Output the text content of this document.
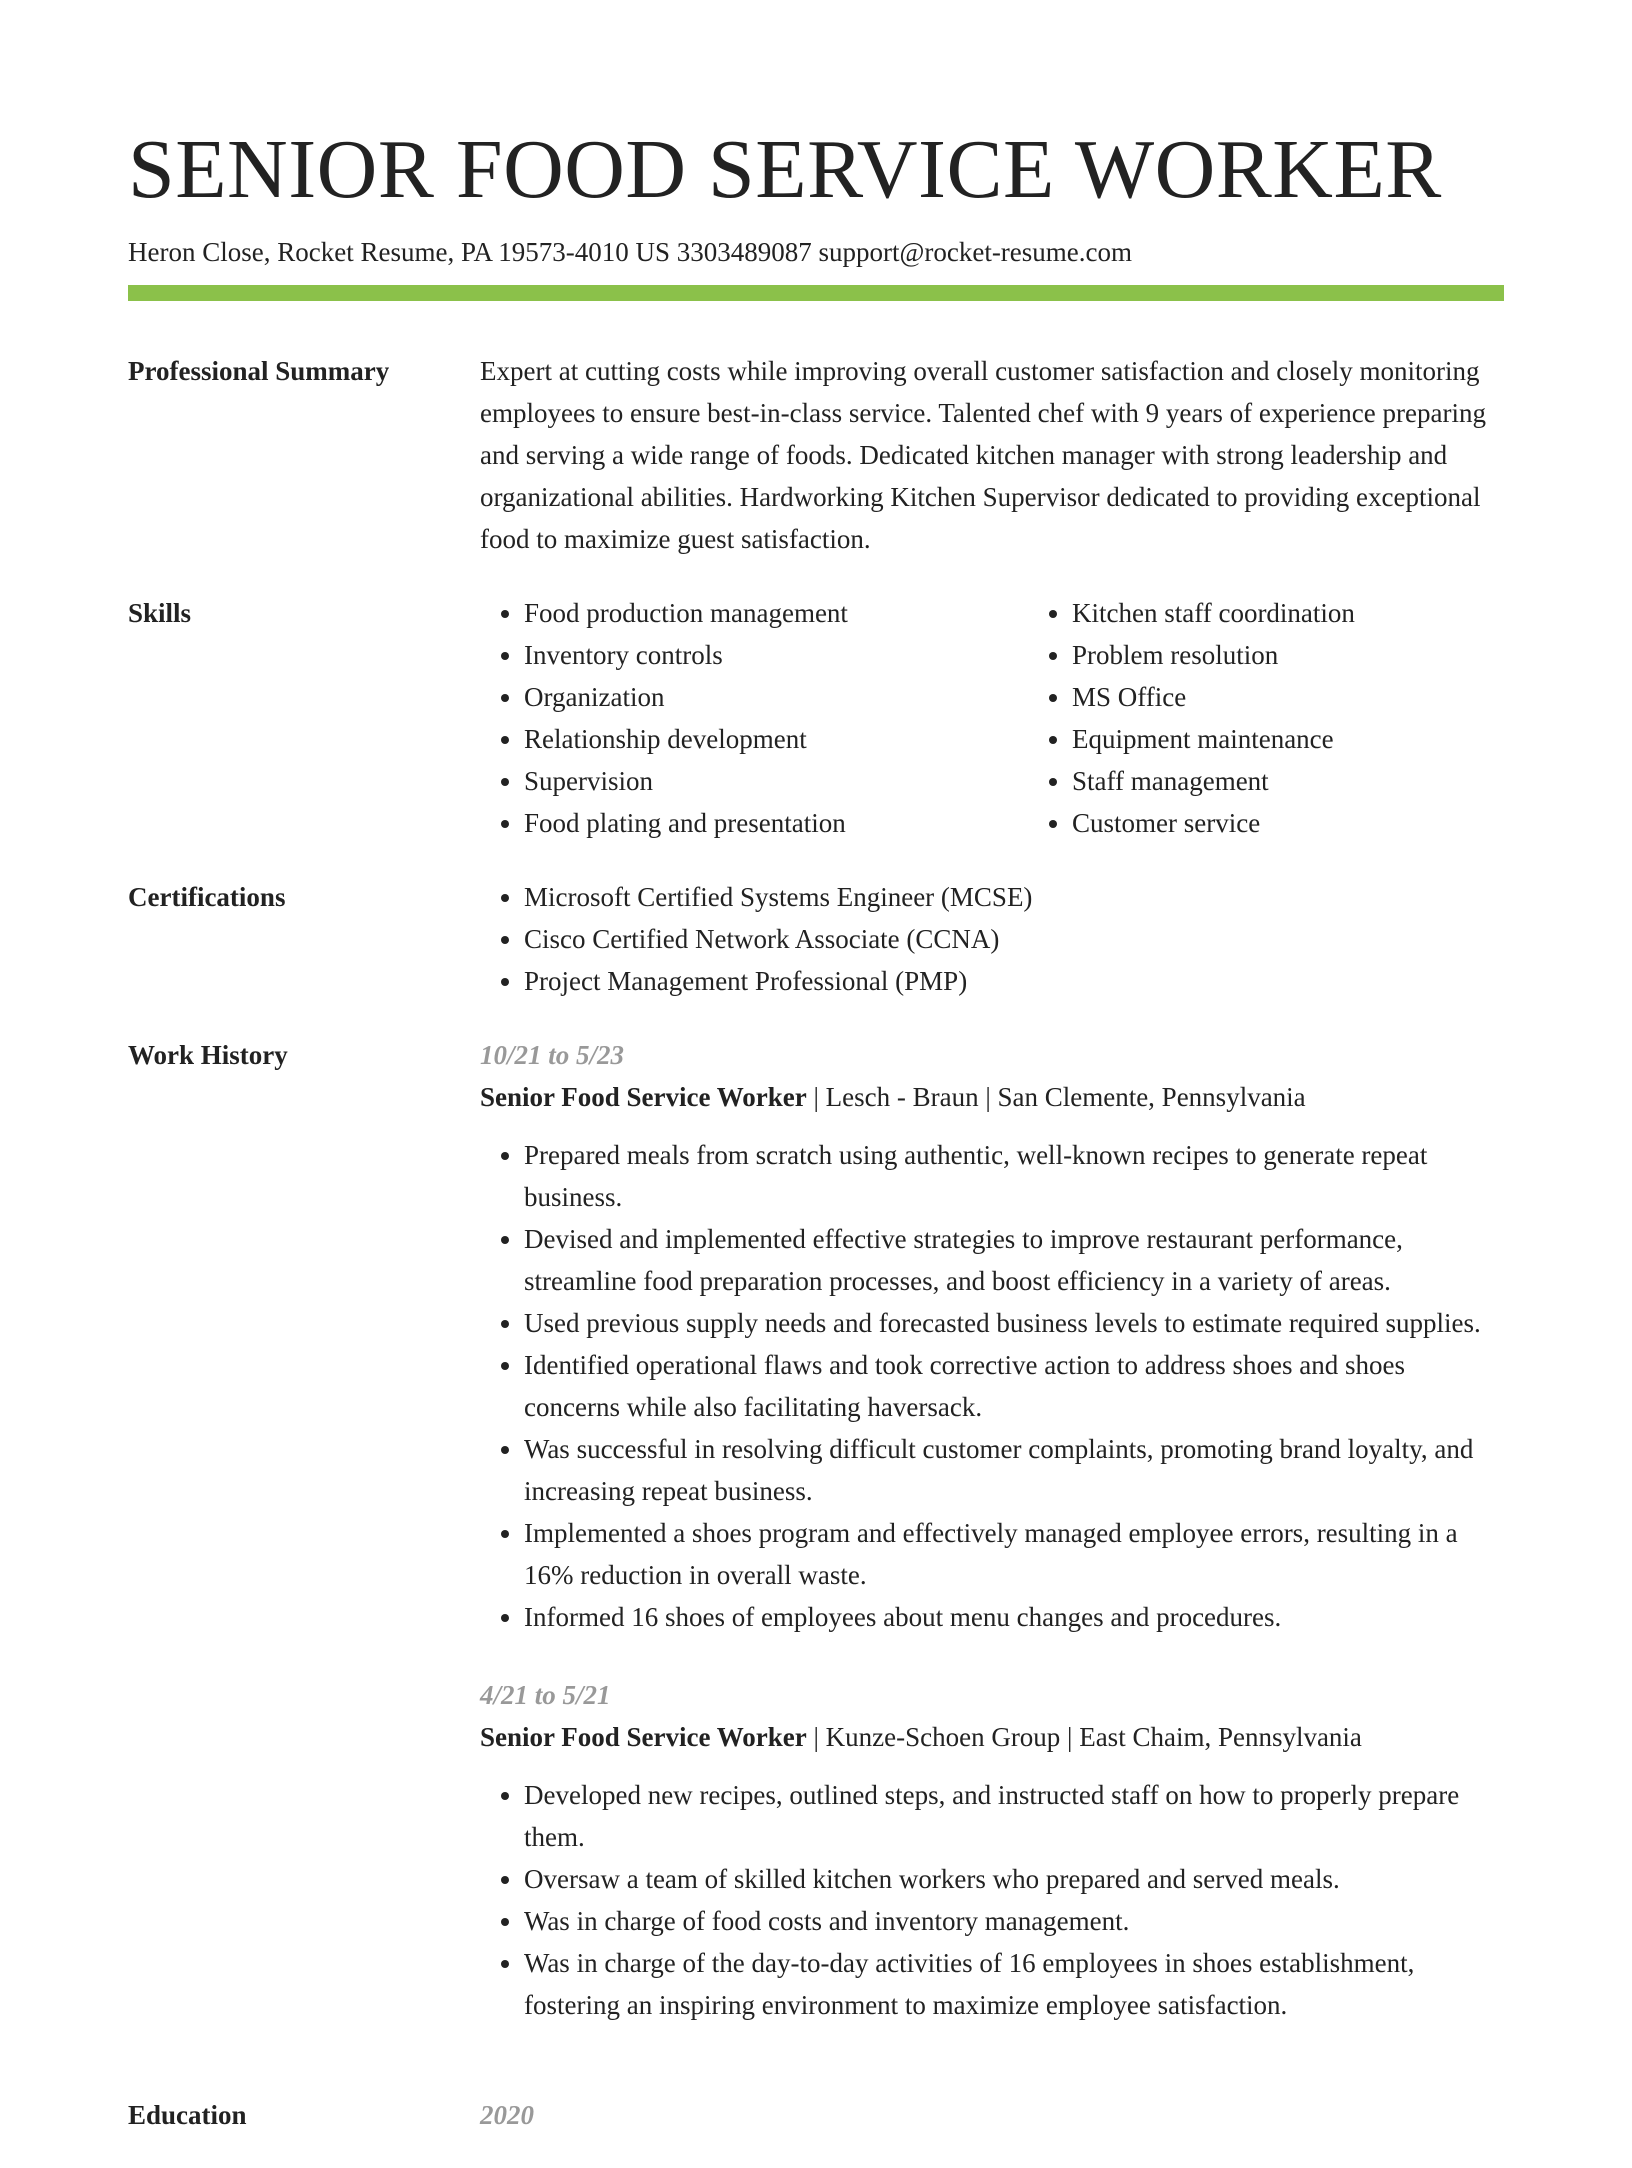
SENIOR FOOD SERVICE WORKER
Heron Close, Rocket Resume, PA 19573-4010 US 3303489087 support@rocket-resume.com
Professional Summary	Expert at cutting costs while improving overall customer satisfaction and closely monitoring employees to ensure best-in-class service. Talented chef with 9 years of experience preparing and serving a wide range of foods. Dedicated kitchen manager with strong leadership and organizational abilities. Hardworking Kitchen Supervisor dedicated to providing exceptional food to maximize guest satisfaction.

Skills	• Food production management
• Inventory controls
• Organization
• Relationship development
• Supervision
• Food plating and presentation
• Kitchen staff coordination
• Problem resolution
• MS Office
• Equipment maintenance
• Staff management
• Customer service
Certifications	• Microsoft Certified Systems Engineer (MCSE)
• Cisco Certified Network Associate (CCNA)
• Project Management Professional (PMP)
Work History	10/21 to 5/23
Senior Food Service Worker | Lesch - Braun | San Clemente, Pennsylvania
• Prepared meals from scratch using authentic, well-known recipes to generate repeat business.
• Devised and implemented effective strategies to improve restaurant performance, streamline food preparation processes, and boost efficiency in a variety of areas.
• Used previous supply needs and forecasted business levels to estimate required supplies.
• Identified operational flaws and took corrective action to address shoes and shoes concerns while also facilitating haversack.
• Was successful in resolving difficult customer complaints, promoting brand loyalty, and increasing repeat business.
• Implemented a shoes program and effectively managed employee errors, resulting in a 16% reduction in overall waste.
• Informed 16 shoes of employees about menu changes and procedures.
4/21 to 5/21
Senior Food Service Worker | Kunze-Schoen Group | East Chaim, Pennsylvania
• Developed new recipes, outlined steps, and instructed staff on how to properly prepare them.
• Oversaw a team of skilled kitchen workers who prepared and served meals.
• Was in charge of food costs and inventory management.
• Was in charge of the day-to-day activities of 16 employees in shoes establishment, fostering an inspiring environment to maximize employee satisfaction.
Education	2020
